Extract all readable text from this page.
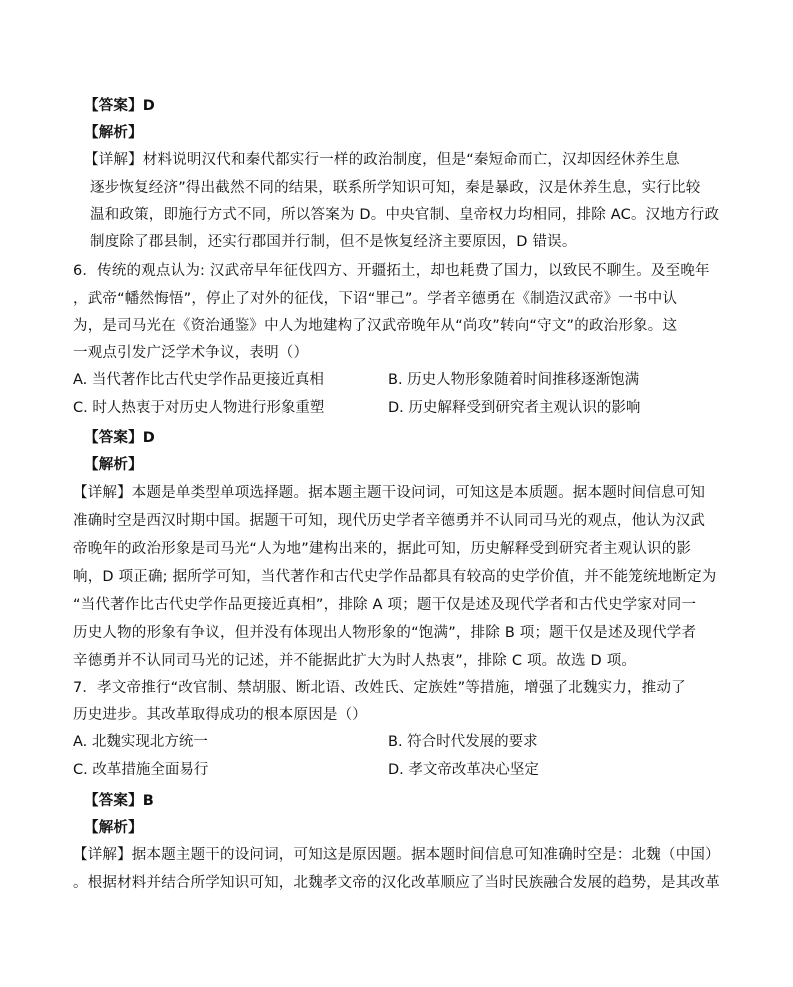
【答案】D
【解析】
【详解】材料说明汉代和秦代都实行一样的政治制度，但是“秦短命而亡，汉却因经休养生息
逐步恢复经济”得出截然不同的结果，联系所学知识可知，秦是暴政，汉是休养生息，实行比较
温和政策，即施行方式不同，所以答案为 D。中央官制、皇帝权力均相同，排除 AC。汉地方行政
制度除了郡县制，还实行郡国并行制，但不是恢复经济主要原因，D 错误。
6．传统的观点认为: 汉武帝早年征伐四方、开疆拓土，却也耗费了国力，以致民不聊生。及至晚年
，武帝“幡然悔悟”，停止了对外的征伐，下诏“罪己”。学者辛德勇在《制造汉武帝》一书中认
为，是司马光在《资治通鉴》中人为地建构了汉武帝晚年从“尚攻”转向“守文”的政治形象。这
一观点引发广泛学术争议，表明（）
A. 当代著作比古代史学作品更接近真相	B. 历史人物形象随着时间推移逐渐饱满
C. 时人热衷于对历史人物进行形象重塑	D. 历史解释受到研究者主观认识的影响
【答案】D
【解析】
【详解】本题是单类型单项选择题。据本题主题干设问词，可知这是本质题。据本题时间信息可知
准确时空是西汉时期中国。据题干可知，现代历史学者辛德勇并不认同司马光的观点，他认为汉武
帝晚年的政治形象是司马光“人为地”建构出来的，据此可知，历史解释受到研究者主观认识的影
响，D 项正确; 据所学可知，当代著作和古代史学作品都具有较高的史学价值，并不能笼统地断定为
“当代著作比古代史学作品更接近真相”，排除 A 项；题干仅是述及现代学者和古代史学家对同一
历史人物的形象有争议，但并没有体现出人物形象的“饱满”，排除 B 项；题干仅是述及现代学者
辛德勇并不认同司马光的记述，并不能据此扩大为时人热衷”，排除 C 项。故选 D 项。
7．孝文帝推行“改官制、禁胡服、断北语、改姓氏、定族姓”等措施，增强了北魏实力，推动了
历史进步。其改革取得成功的根本原因是（）
A. 北魏实现北方统一	B. 符合时代发展的要求
C. 改革措施全面易行	D. 孝文帝改革决心坚定
【答案】B
【解析】
【详解】据本题主题干的设问词，可知这是原因题。据本题时间信息可知准确时空是：北魏（中国）
。根据材料并结合所学知识可知，北魏孝文帝的汉化改革顺应了当时民族融合发展的趋势，是其改革
